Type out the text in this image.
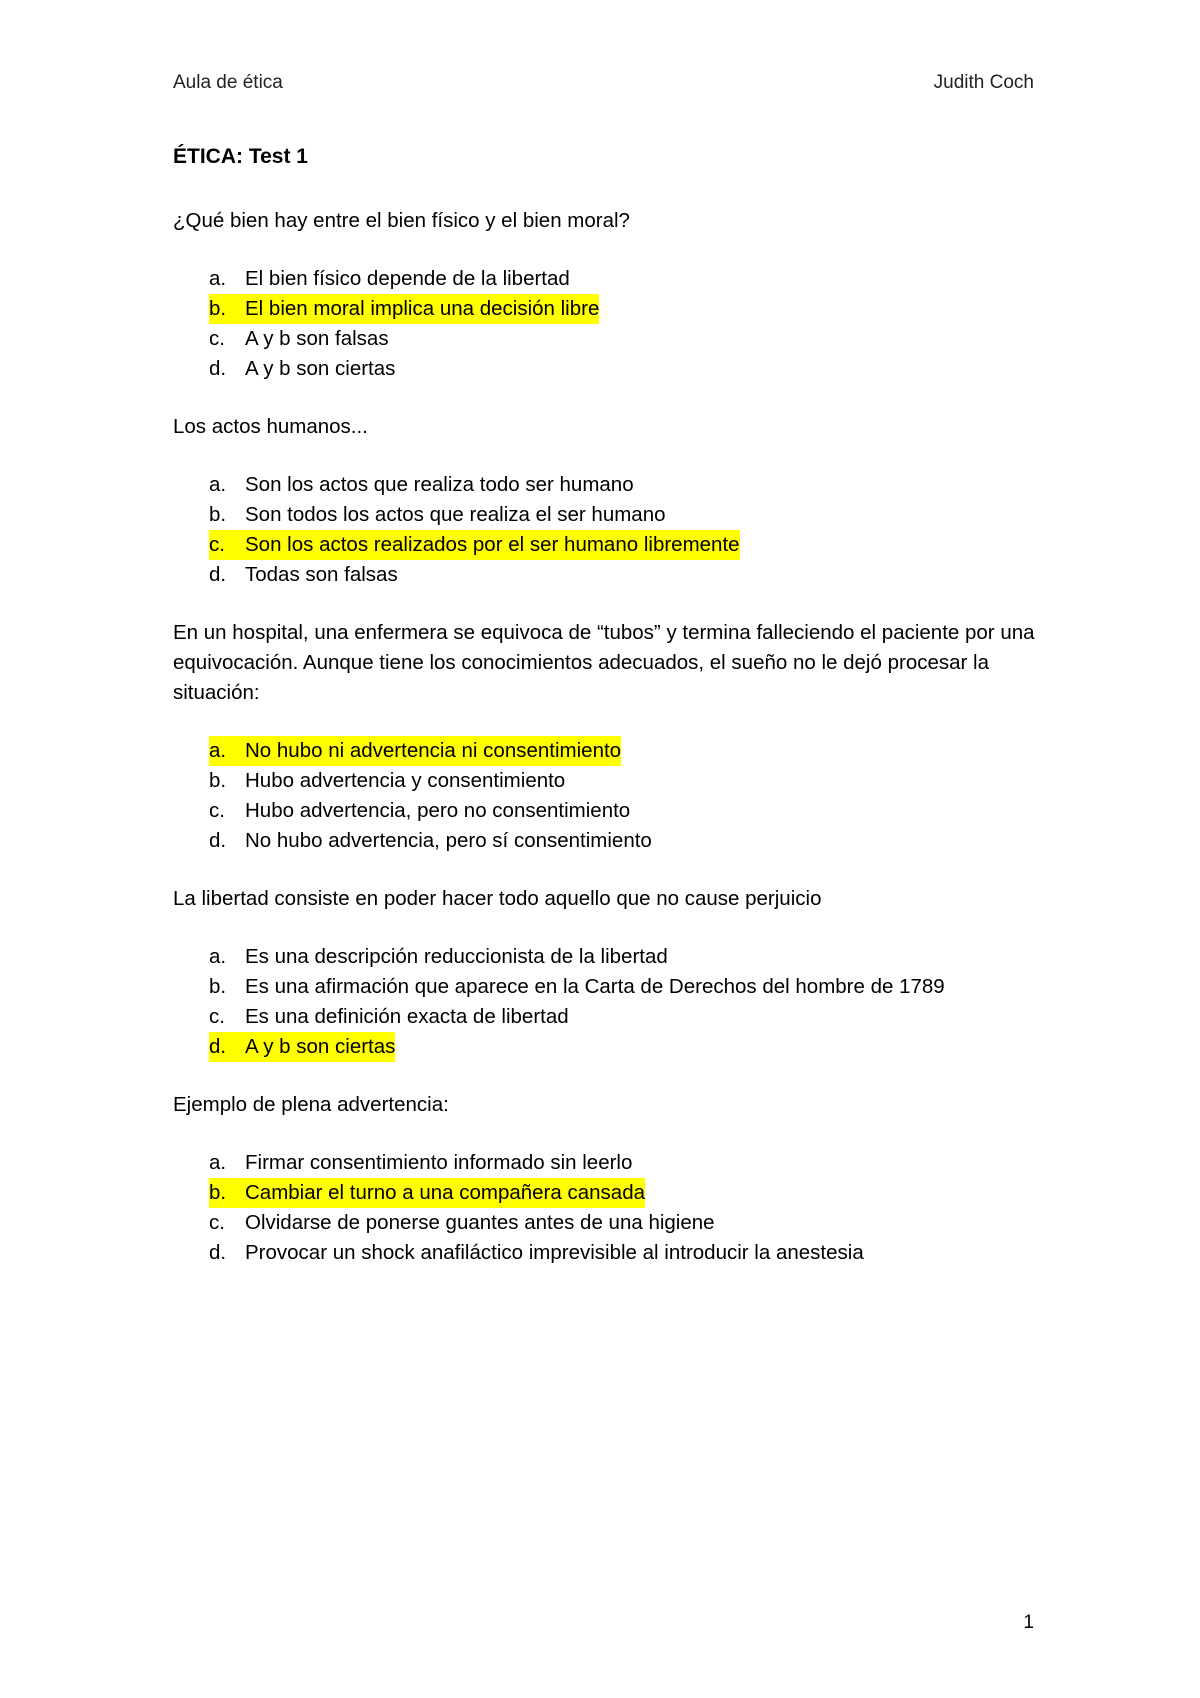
Aula de ética	Judith Coch
ÉTICA: Test 1

¿Qué bien hay entre el bien físico y el bien moral?

a. El bien físico depende de la libertad
b. El bien moral implica una decisión libre
c. A y b son falsas
d. A y b son ciertas

Los actos humanos...

a. Son los actos que realiza todo ser humano
b. Son todos los actos que realiza el ser humano
c. Son los actos realizados por el ser humano libremente
d. Todas son falsas

En un hospital, una enfermera se equivoca de “tubos” y termina falleciendo el paciente por una equivocación. Aunque tiene los conocimientos adecuados, el sueño no le dejó procesar la situación:

a. No hubo ni advertencia ni consentimiento
b. Hubo advertencia y consentimiento
c. Hubo advertencia, pero no consentimiento
d. No hubo advertencia, pero sí consentimiento

La libertad consiste en poder hacer todo aquello que no cause perjuicio

a. Es una descripción reduccionista de la libertad
b. Es una afirmación que aparece en la Carta de Derechos del hombre de 1789
c. Es una definición exacta de libertad
d. A y b son ciertas

Ejemplo de plena advertencia:

a. Firmar consentimiento informado sin leerlo
b. Cambiar el turno a una compañera cansada
c. Olvidarse de ponerse guantes antes de una higiene
d. Provocar un shock anafiláctico imprevisible al introducir la anestesia
1
